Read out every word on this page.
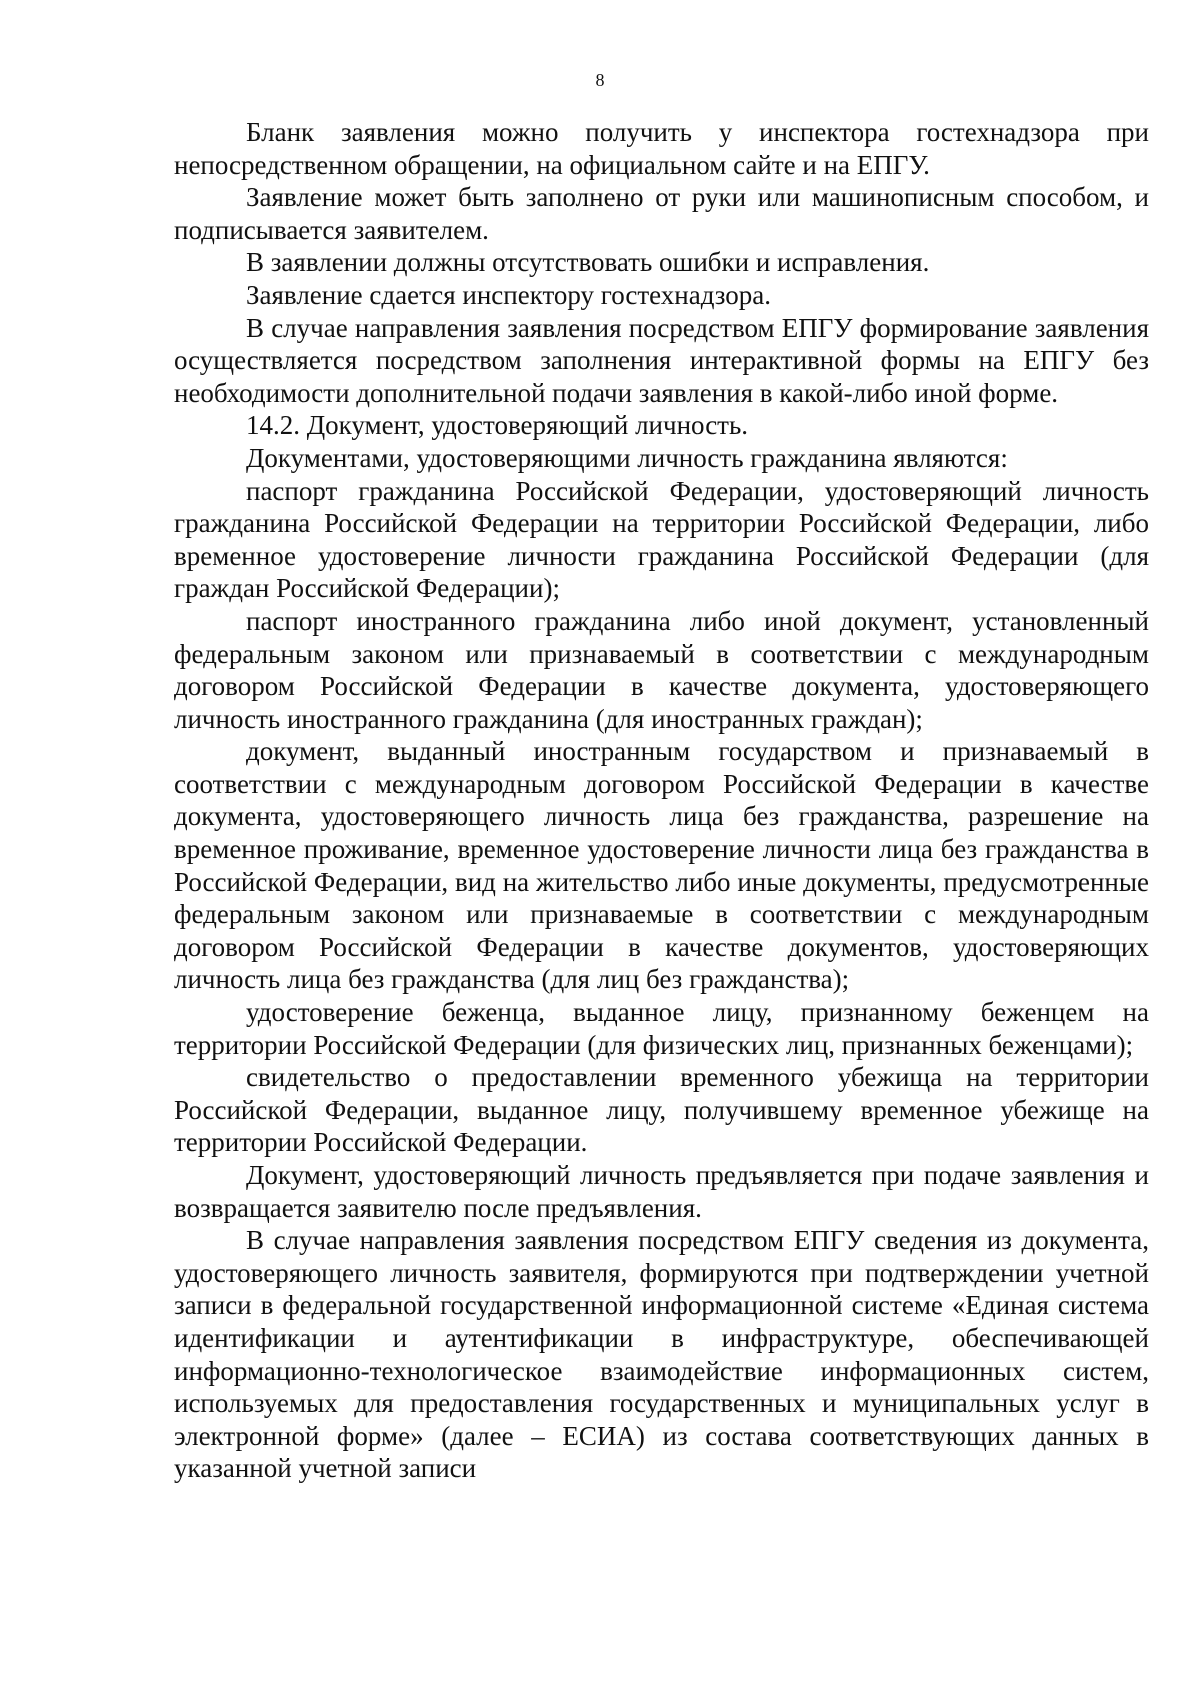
8

Бланк заявления можно получить у инспектора гостехнадзора при непосредственном обращении, на официальном сайте и на ЕПГУ.

Заявление может быть заполнено от руки или машинописным способом, и подписывается заявителем.

В заявлении должны отсутствовать ошибки и исправления.

Заявление сдается инспектору гостехнадзора.

В случае направления заявления посредством ЕПГУ формирование заявления осуществляется посредством заполнения интерактивной формы на ЕПГУ без необходимости дополнительной подачи заявления в какой-либо иной форме.

14.2. Документ, удостоверяющий личность.

Документами, удостоверяющими личность гражданина являются:

паспорт гражданина Российской Федерации, удостоверяющий личность гражданина Российской Федерации на территории Российской Федерации, либо временное удостоверение личности гражданина Российской Федерации (для граждан Российской Федерации);

паспорт иностранного гражданина либо иной документ, установленный федеральным законом или признаваемый в соответствии с международным договором Российской Федерации в качестве документа, удостоверяющего личность иностранного гражданина (для иностранных граждан);

документ, выданный иностранным государством и признаваемый в соответствии с международным договором Российской Федерации в качестве документа, удостоверяющего личность лица без гражданства, разрешение на временное проживание, временное удостоверение личности лица без гражданства в Российской Федерации, вид на жительство либо иные документы, предусмотренные федеральным законом или признаваемые в соответствии с международным договором Российской Федерации в качестве документов, удостоверяющих личность лица без гражданства (для лиц без гражданства);

удостоверение беженца, выданное лицу, признанному беженцем на территории Российской Федерации (для физических лиц, признанных беженцами);

свидетельство о предоставлении временного убежища на территории Российской Федерации, выданное лицу, получившему временное убежище на территории Российской Федерации.

Документ, удостоверяющий личность предъявляется при подаче заявления и возвращается заявителю после предъявления.

В случае направления заявления посредством ЕПГУ сведения из документа, удостоверяющего личность заявителя, формируются при подтверждении учетной записи в федеральной государственной информационной системе «Единая система идентификации и аутентификации в инфраструктуре, обеспечивающей информационно-технологическое взаимодействие информационных систем, используемых для предоставления государственных и муниципальных услуг в электронной форме» (далее – ЕСИА) из состава соответствующих данных в указанной учетной записи
